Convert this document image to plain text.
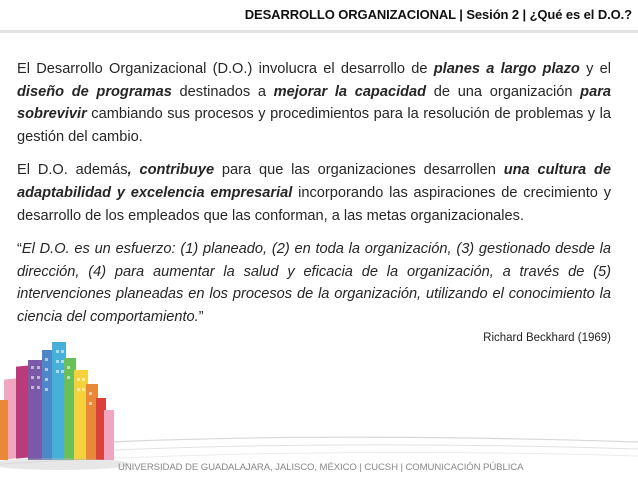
DESARROLLO ORGANIZACIONAL | Sesión 2 | ¿Qué es el D.O.?

El Desarrollo Organizacional (D.O.) involucra el desarrollo de planes a largo plazo y el diseño de programas destinados a mejorar la capacidad de una organización para sobrevivir cambiando sus procesos y procedimientos para la resolución de problemas y la gestión del cambio.

El D.O. además, contribuye para que las organizaciones desarrollen una cultura de adaptabilidad y excelencia empresarial incorporando las aspiraciones de crecimiento y desarrollo de los empleados que las conforman, a las metas organizacionales.

“El D.O. es un esfuerzo: (1) planeado, (2) en toda la organización, (3) gestionado desde la dirección, (4) para aumentar la salud y eficacia de la organización, a través de (5) intervenciones planeadas en los procesos de la organización, utilizando el conocimiento la ciencia del comportamiento.”

Richard Beckhard (1969)
UNIVERSIDAD DE GUADALAJARA, JALISCO, MÉXICO | CUCSH | COMUNICACIÓN PÚBLICA
